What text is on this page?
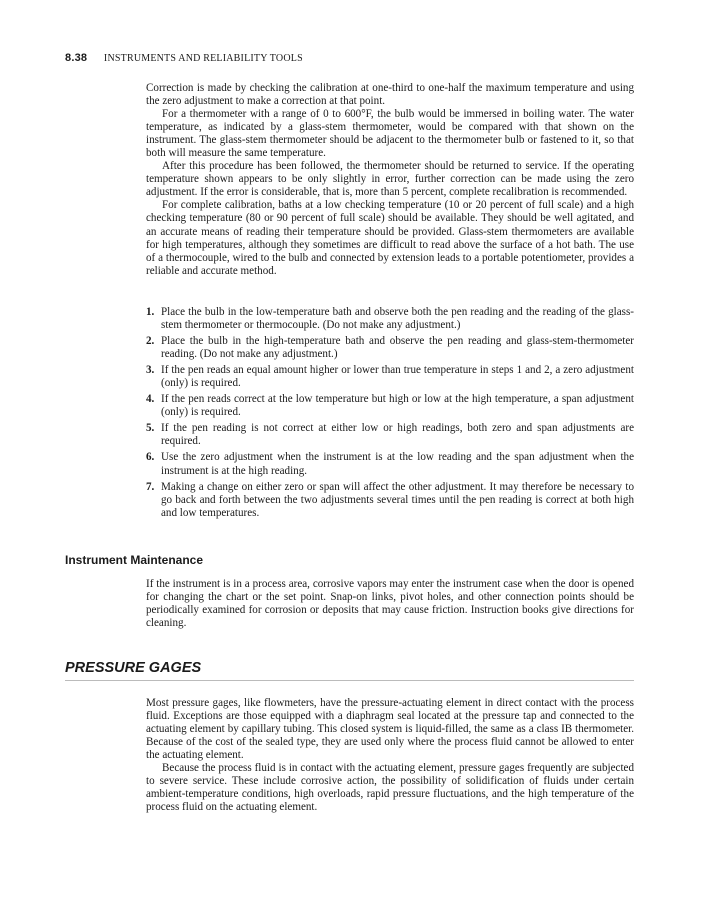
8.38 INSTRUMENTS AND RELIABILITY TOOLS

Correction is made by checking the calibration at one-third to one-half the maximum temperature and using the zero adjustment to make a correction at that point.

For a thermometer with a range of 0 to 600°F, the bulb would be immersed in boiling water. The water temperature, as indicated by a glass-stem thermometer, would be compared with that shown on the instrument. The glass-stem thermometer should be adjacent to the thermometer bulb or fastened to it, so that both will measure the same temperature.

After this procedure has been followed, the thermometer should be returned to service. If the operating temperature shown appears to be only slightly in error, further correction can be made using the zero adjustment. If the error is considerable, that is, more than 5 percent, complete recalibration is recommended.

For complete calibration, baths at a low checking temperature (10 or 20 percent of full scale) and a high checking temperature (80 or 90 percent of full scale) should be available. They should be well agitated, and an accurate means of reading their temperature should be provided. Glass-stem thermometers are available for high temperatures, although they sometimes are difficult to read above the surface of a hot bath. The use of a thermocouple, wired to the bulb and connected by extension leads to a portable potentiometer, provides a reliable and accurate method.

1. Place the bulb in the low-temperature bath and observe both the pen reading and the reading of the glass-stem thermometer or thermocouple. (Do not make any adjustment.)
2. Place the bulb in the high-temperature bath and observe the pen reading and glass-stem-thermometer reading. (Do not make any adjustment.)
3. If the pen reads an equal amount higher or lower than true temperature in steps 1 and 2, a zero adjustment (only) is required.
4. If the pen reads correct at the low temperature but high or low at the high temperature, a span adjustment (only) is required.
5. If the pen reading is not correct at either low or high readings, both zero and span adjustments are required.
6. Use the zero adjustment when the instrument is at the low reading and the span adjustment when the instrument is at the high reading.
7. Making a change on either zero or span will affect the other adjustment. It may therefore be necessary to go back and forth between the two adjustments several times until the pen reading is correct at both high and low temperatures.
Instrument Maintenance

If the instrument is in a process area, corrosive vapors may enter the instrument case when the door is opened for changing the chart or the set point. Snap-on links, pivot holes, and other connection points should be periodically examined for corrosion or deposits that may cause friction. Instruction books give directions for cleaning.

PRESSURE GAGES

Most pressure gages, like flowmeters, have the pressure-actuating element in direct contact with the process fluid. Exceptions are those equipped with a diaphragm seal located at the pressure tap and connected to the actuating element by capillary tubing. This closed system is liquid-filled, the same as a class IB thermometer. Because of the cost of the sealed type, they are used only where the process fluid cannot be allowed to enter the actuating element.

Because the process fluid is in contact with the actuating element, pressure gages frequently are subjected to severe service. These include corrosive action, the possibility of solidification of fluids under certain ambient-temperature conditions, high overloads, rapid pressure fluctuations, and the high temperature of the process fluid on the actuating element.
